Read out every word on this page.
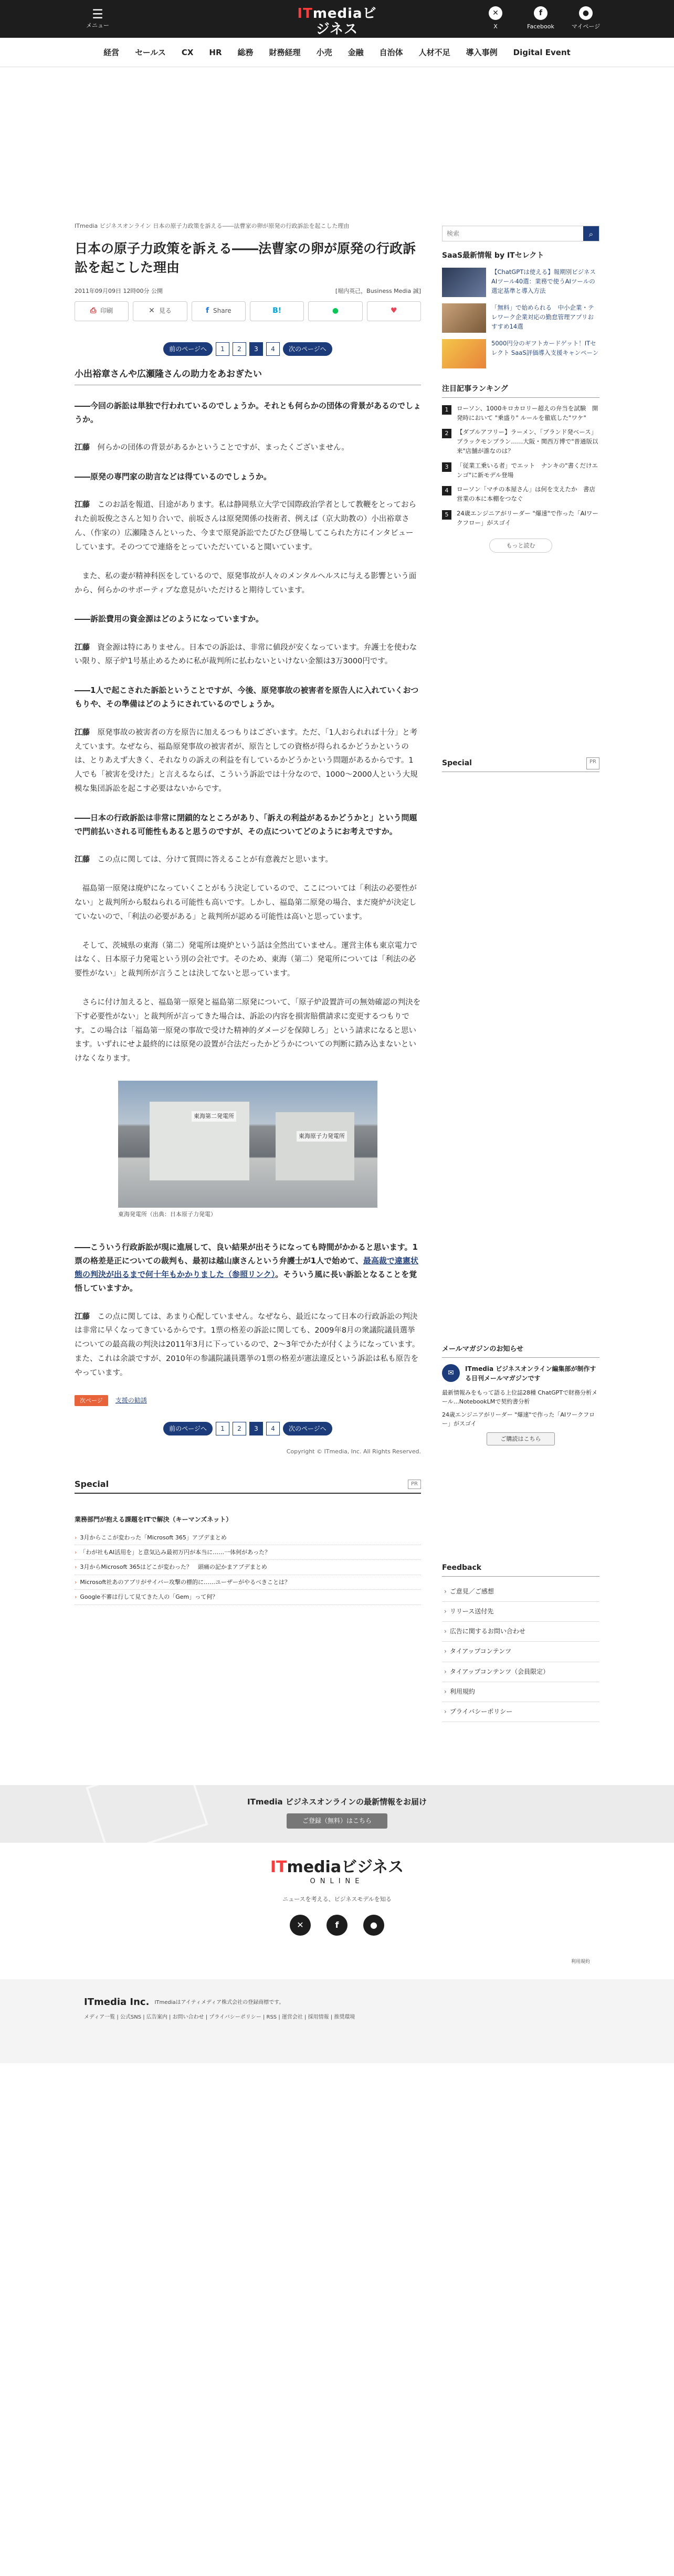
☰
メニュー
ITmediaビジネス
ONLINE
✕
X
f
Facebook
●
マイページ
経営 セールス CX HR 総務 財務経理 小売 金融 自治体 人材不足 導入事例 Digital Event
ITmedia ビジネスオンライン 日本の原子力政策を訴える――法曹家の卵が原発の行政訴訟を起こした理由
日本の原子力政策を訴える――法曹家の卵が原発の行政訴訟を起こした理由
2011年09月09日 12時00分 公開	[堀内英己，Business Media 誠]
⎙ 印刷	✕ 見る	f Share	B!	●	♥
前のページへ	1	2	3	4	次のページへ
小出裕章さんや広瀬隆さんの助力をあおぎたい
――今回の訴訟は単独で行われているのでしょうか。それとも何らかの団体の背景があるのでしょうか。
江藤　 何らかの団体の背景があるかということですが、まったくございません。
――原発の専門家の助言などは得ているのでしょうか。
江藤　 このお話を報道、目途があります。私は静岡県立大学で国際政治学者として教鞭をとっておられた前坂俊之さんと知り合いで、前坂さんは原発関係の技術者、例えば（京大助教の）小出裕章さん、（作家の）広瀬隆さんといった、今まで原発訴訟でたびたび登場してこられた方にインタビューしています。そのつてで連絡をとっていただいていると聞いています。
　また、私の妻が精神科医をしているので、原発事故が人々のメンタルヘルスに与える影響という面から、何らかのサポーティブな意見がいただけると期待しています。
――訴訟費用の資金源はどのようになっていますか。
江藤　 資金源は特にありません。日本での訴訟は、非常に値段が安くなっています。弁護士を使わない限り、原子炉1号基止めるために私が裁判所に払わないといけない金額は3万3000円です。
――1人で起こされた訴訟ということですが、今後、原発事故の被害者を原告人に入れていくおつもりや、その準備はどのようにされているのでしょうか。
江藤　 原発事故の被害者の方を原告に加えるつもりはございます。ただ、「1人おられれば十分」と考えています。なぜなら、福島原発事故の被害者が、原告としての資格が得られるかどうかというのは、とりあえず大きく、それなりの訴えの利益を有しているかどうかという問題があるからです。1人でも「被害を受けた」と言えるならば、こういう訴訟では十分なので、1000〜2000人という大規模な集団訴訟を起こす必要はないからです。
――日本の行政訴訟は非常に閉鎖的なところがあり、「訴えの利益があるかどうかと」という問題で門前払いされる可能性もあると思うのですが、その点についてどのようにお考えですか。
江藤　 この点に関しては、分けて質問に答えることが有意義だと思います。
　福島第一原発は廃炉になっていくことがもう決定しているので、ここについては「利法の必要性がない」と裁判所から駁ねられる可能性も高いです。しかし、福島第二原発の場合、まだ廃炉が決定していないので、「利法の必要がある」と裁判所が認める可能性は高いと思っています。
　そして、茨城県の東海（第二）発電所は廃炉という話は全然出ていません。運営主体も東京電力ではなく、日本原子力発電という別の会社です。そのため、東海（第二）発電所については「利法の必要性がない」と裁判所が言うことは決してないと思っています。
　さらに付け加えると、福島第一原発と福島第二原発について、「原子炉設置許可の無効確認の判決を下す必要性がない」と裁判所が言ってきた場合は、訴訟の内容を損害賠償請求に変更するつもりです。この場合は「福島第一原発の事故で受けた精神的ダメージを保障しろ」という請求になると思います。いずれにせよ最終的には原発の設置が合法だったかどうかについての判断に踏み込まないといけなくなります。
東海第二発電所
東海原子力発電所
東海発電所（出典：日本原子力発電）
――こういう行政訴訟が現に進展して、良い結果が出そうになっても時間がかかると思います。1票の格差是正についての裁判も、最初は越山康さんという弁護士が1人で始めて、最高裁で違憲状態の判決が出るまで何十年もかかりました（参照リンク）。そういう風に長い訴訟となることを覚悟していますか。
江藤　 この点に関しては、あまり心配していません。なぜなら、最近になって日本の行政訴訟の判決は非常に早くなってきているからです。1票の格差の訴訟に関しても、2009年8月の衆議院議員選挙についての最高裁の判決は2011年3月に下っているので、2〜3年でかたが付くようになっています。また、これは余談ですが、2010年の参議院議員選挙の1票の格差が憲法違反という訴訟は私も原告をやっています。
次ページ	支援の勧誘
前のページへ	1	2	3	4	次のページへ
Copyright © ITmedia, Inc. All Rights Reserved.
Special	PR
検索
⌕
SaaS最新情報 by ITセレクト
【ChatGPTは使える】報期別ビジネスAIツール40選：業務で使うAIツールの選定基準と導入方法
「無料」で始められる　中小企業・テレワーク企業対応の勤怠管理アプリおすすめ14選
5000円分のギフトカードゲット！ITセレクト SaaS評価導入支援キャンペーン
注目記事ランキング
1	ローソン、1000キロカロリー超えの弁当を試験　開発時において "乗盛り" ルールを徹底した"ワケ"
2	【ダブルアフリー】ラーメン、「ブランド発ベース」ブラックモンブラン……大阪・関西万博で"普通版以来"店舗が誰なのは？
3	「従業工乗いる者」でエット　ナンキの"書くだけエンゴ"に新モデル登場
4	ローソン「マチの本屋さん」は何を支えたか　書店営業の本に本棚をつなぐ
5	24歳エンジニアがリーダー "爆速"で作った「AIワークフロー」がスゴイ
もっと読む
Special	PR
メールマガジンのお知らせ
✉	ITmedia ビジネスオンライン編集部が制作する日刊メールマガジンです
最新情報みをもって語る上位誌28種 ChatGPTで財務分析メール…NotebookLMで契約書分析
24歳エンジニアがリーダー "爆速"で作った「AIワークフロー」がスゴイ
ご購読はこちら
業務部門が抱える課題をITで解決（キーマンズネット）
› 3月からここが変わった「Microsoft 365」アプデまとめ
› 「わが社もAI活用を」と意気込み最初万円が本当に……一体何があった？
› 3月からMicrosoft 365はどこが変わった？　頭痛の記かまアプデまとめ
› Microsoft社あのアプリがサイバー攻撃の標的に……ユーザーがやるべきことは？
› Google不審は行して見てきた人の「Gem」って何？
Feedback
› ご意見／ご感想
› リリース送付先
› 広告に関するお問い合わせ
› タイアップコンテンツ
› タイアップコンテンツ（会員限定）
› 利用規約
› プライバシーポリシー
ITmedia ビジネスオンラインの最新情報をお届け
ご登録（無料）はこちら
ITmediaビジネス
ONLINE
ニュースを考える、ビジネスモデルを知る
✕	f	●
利用規約
ITmedia Inc. ITmediaはアイティメディア株式会社の登録商標です。
メディア一覧 | 公式SNS | 広告案内 | お問い合わせ | プライバシーポリシー | RSS | 運営会社 | 採用情報 | 推奨環境
